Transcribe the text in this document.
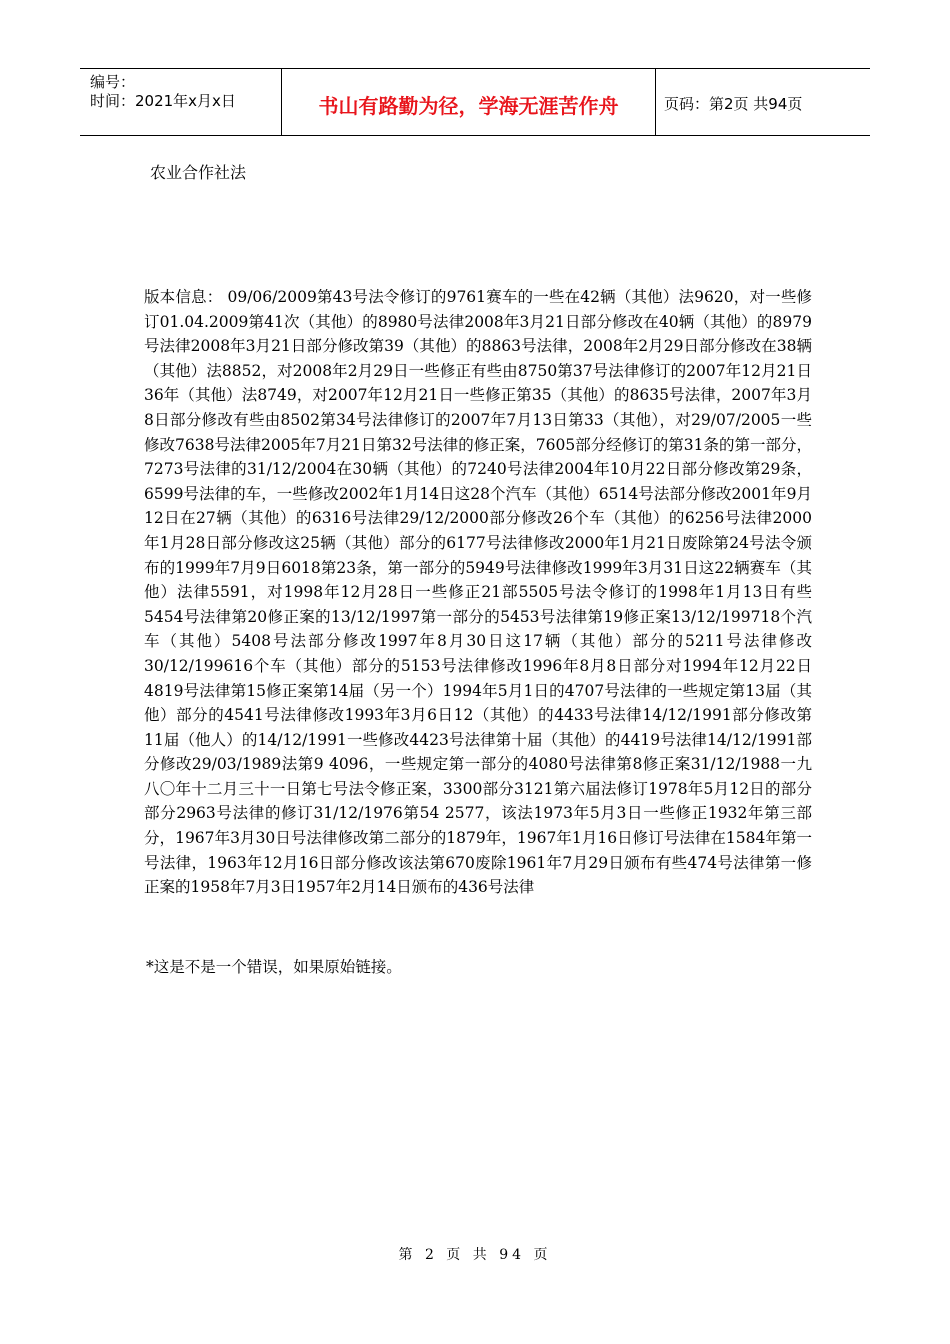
编号：
时间：2021年x月x日	书山有路勤为径，学海无涯苦作舟	页码：第2页 共94页
农业合作社法
版本信息： 09/06/2009第43号法令修订的9761赛车的一些在42辆（其他）法9620，对一些修订01.04.2009第41次（其他）的8980号法律2008年3月21日部分修改在40辆（其他）的8979号法律2008年3月21日部分修改第39（其他）的8863号法律，2008年2月29日部分修改在38辆（其他）法8852，对2008年2月29日一些修正有些由8750第37号法律修订的2007年12月21日36年（其他）法8749，对2007年12月21日一些修正第35（其他）的8635号法律，2007年3月8日部分修改有些由8502第34号法律修订的2007年7月13日第33（其他），对29/07/2005一些修改7638号法律2005年7月21日第32号法律的修正案，7605部分经修订的第31条的第一部分，7273号法律的31/12/2004在30辆（其他）的7240号法律2004年10月22日部分修改第29条，6599号法律的车，一些修改2002年1月14日这28个汽车（其他）6514号法部分修改2001年9月12日在27辆（其他）的6316号法律29/12/2000部分修改26个车（其他）的6256号法律2000年1月28日部分修改这25辆（其他）部分的6177号法律修改2000年1月21日废除第24号法令颁布的1999年7月9日6018第23条，第一部分的5949号法律修改1999年3月31日这22辆赛车（其他）法律5591，对1998年12月28日一些修正21部5505号法令修订的1998年1月13日有些5454号法律第20修正案的13/12/1997第一部分的5453号法律第19修正案13/12/199718个汽车（其他）5408号法部分修改1997年8月30日这17辆（其他）部分的5211号法律修改30/12/199616个车（其他）部分的5153号法律修改1996年8月8日部分对1994年12月22日4819号法律第15修正案第14届（另一个）1994年5月1日的4707号法律的一些规定第13届（其他）部分的4541号法律修改1993年3月6日12（其他）的4433号法律14/12/1991部分修改第11届（他人）的14/12/1991一些修改4423号法律第十届（其他）的4419号法律14/12/1991部分修改29/03/1989法第9 4096，一些规定第一部分的4080号法律第8修正案31/12/1988一九八〇年十二月三十一日第七号法令修正案，3300部分3121第六届法修订1978年5月12日的部分部分2963号法律的修订31/12/1976第54 2577，该法1973年5月3日一些修正1932年第三部分，1967年3月30日号法律修改第二部分的1879年，1967年1月16日修订号法律在1584年第一号法律，1963年12月16日部分修改该法第670废除1961年7月29日颁布有些474号法律第一修正案的1958年7月3日1957年2月14日颁布的436号法律
*这是不是一个错误，如果原始链接。
第 2 页 共 94 页
